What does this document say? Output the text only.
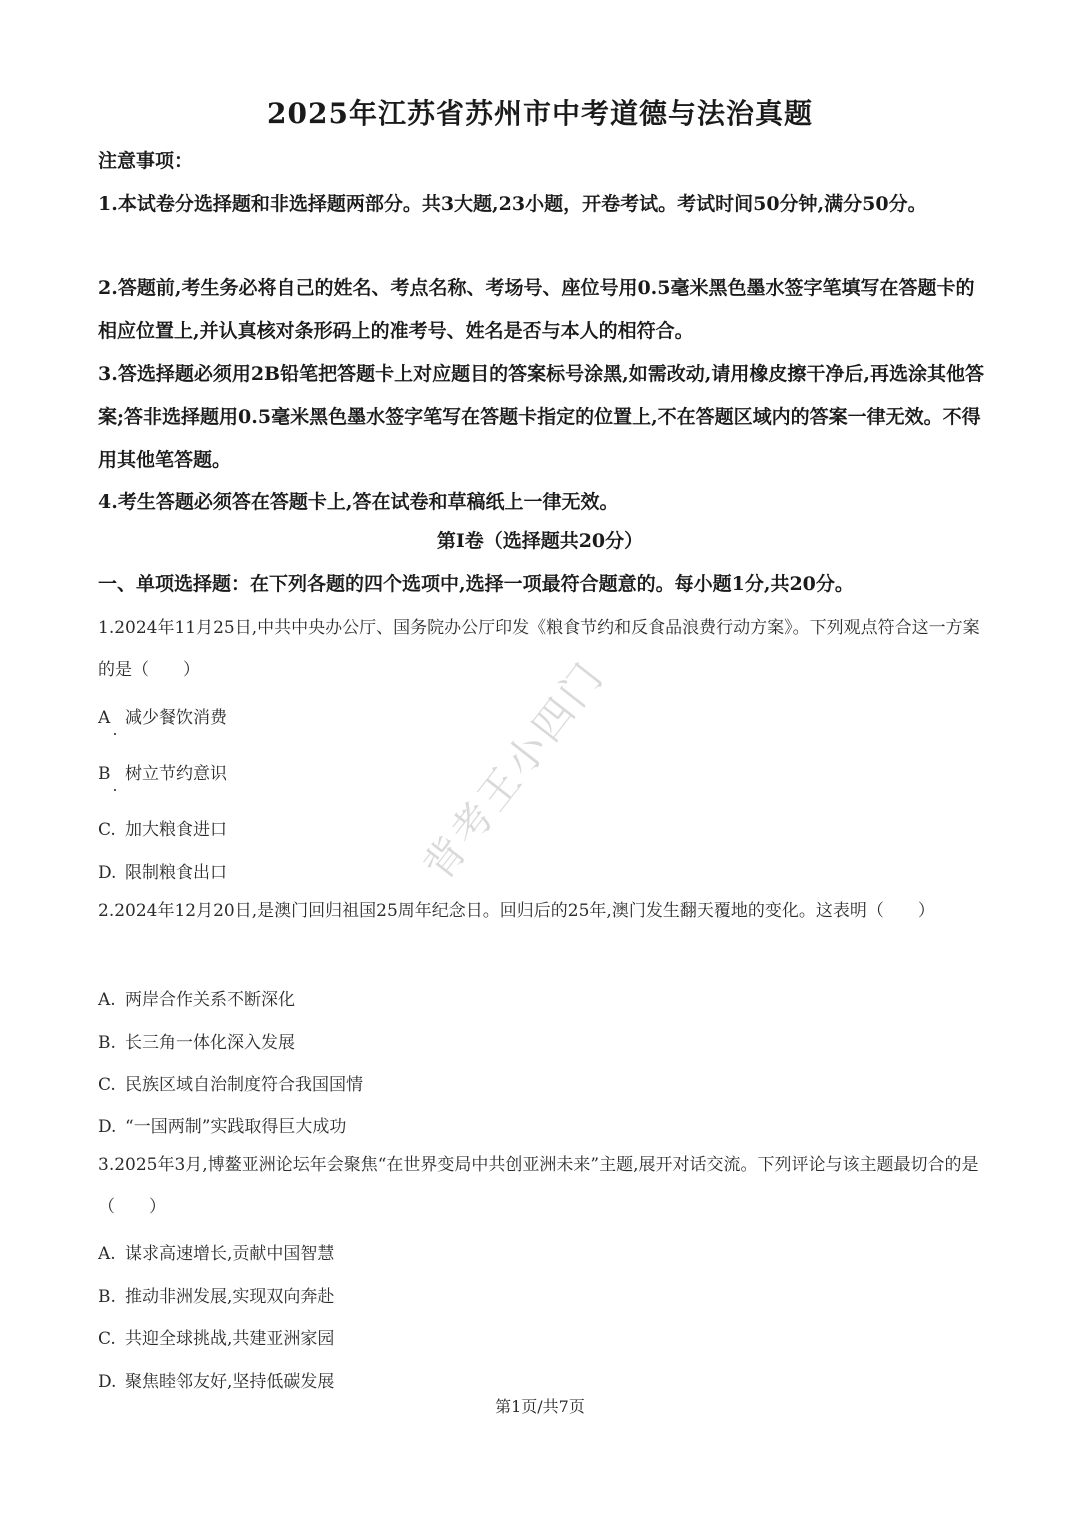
2025年江苏省苏州市中考道德与法治真题
注意事项：
1.本试卷分选择题和非选择题两部分。共3大题,23小题，开卷考试。考试时间50分钟,满分50分。
2.答题前,考生务必将自己的姓名、考点名称、考场号、座位号用0.5毫米黑色墨水签字笔填写在答题卡的相应位置上,并认真核对条形码上的准考号、姓名是否与本人的相符合。
3.答选择题必须用2B铅笔把答题卡上对应题目的答案标号涂黑,如需改动,请用橡皮擦干净后,再选涂其他答案;答非选择题用0.5毫米黑色墨水签字笔写在答题卡指定的位置上,不在答题区域内的答案一律无效。不得用其他笔答题。
4.考生答题必须答在答题卡上,答在试卷和草稿纸上一律无效。
第I卷（选择题共20分）
一、单项选择题：在下列各题的四个选项中,选择一项最符合题意的。每小题1分,共20分。
1.2024年11月25日,中共中央办公厅、国务院办公厅印发《粮食节约和反食品浪费行动方案》。下列观点符合这一方案的是（　　）
A 减少餐饮消费
B 树立节约意识
C. 加大粮食进口
D. 限制粮食出口
2.2024年12月20日,是澳门回归祖国25周年纪念日。回归后的25年,澳门发生翻天覆地的变化。这表明（　　）
A. 两岸合作关系不断深化
B. 长三角一体化深入发展
C. 民族区域自治制度符合我国国情
D. “一国两制”实践取得巨大成功
3.2025年3月,博鳌亚洲论坛年会聚焦“在世界变局中共创亚洲未来”主题,展开对话交流。下列评论与该主题最切合的是（　　）
A. 谋求高速增长,贡献中国智慧
B. 推动非洲发展,实现双向奔赴
C. 共迎全球挑战,共建亚洲家园
D. 聚焦睦邻友好,坚持低碳发展
背考王小四门
第1页/共7页
